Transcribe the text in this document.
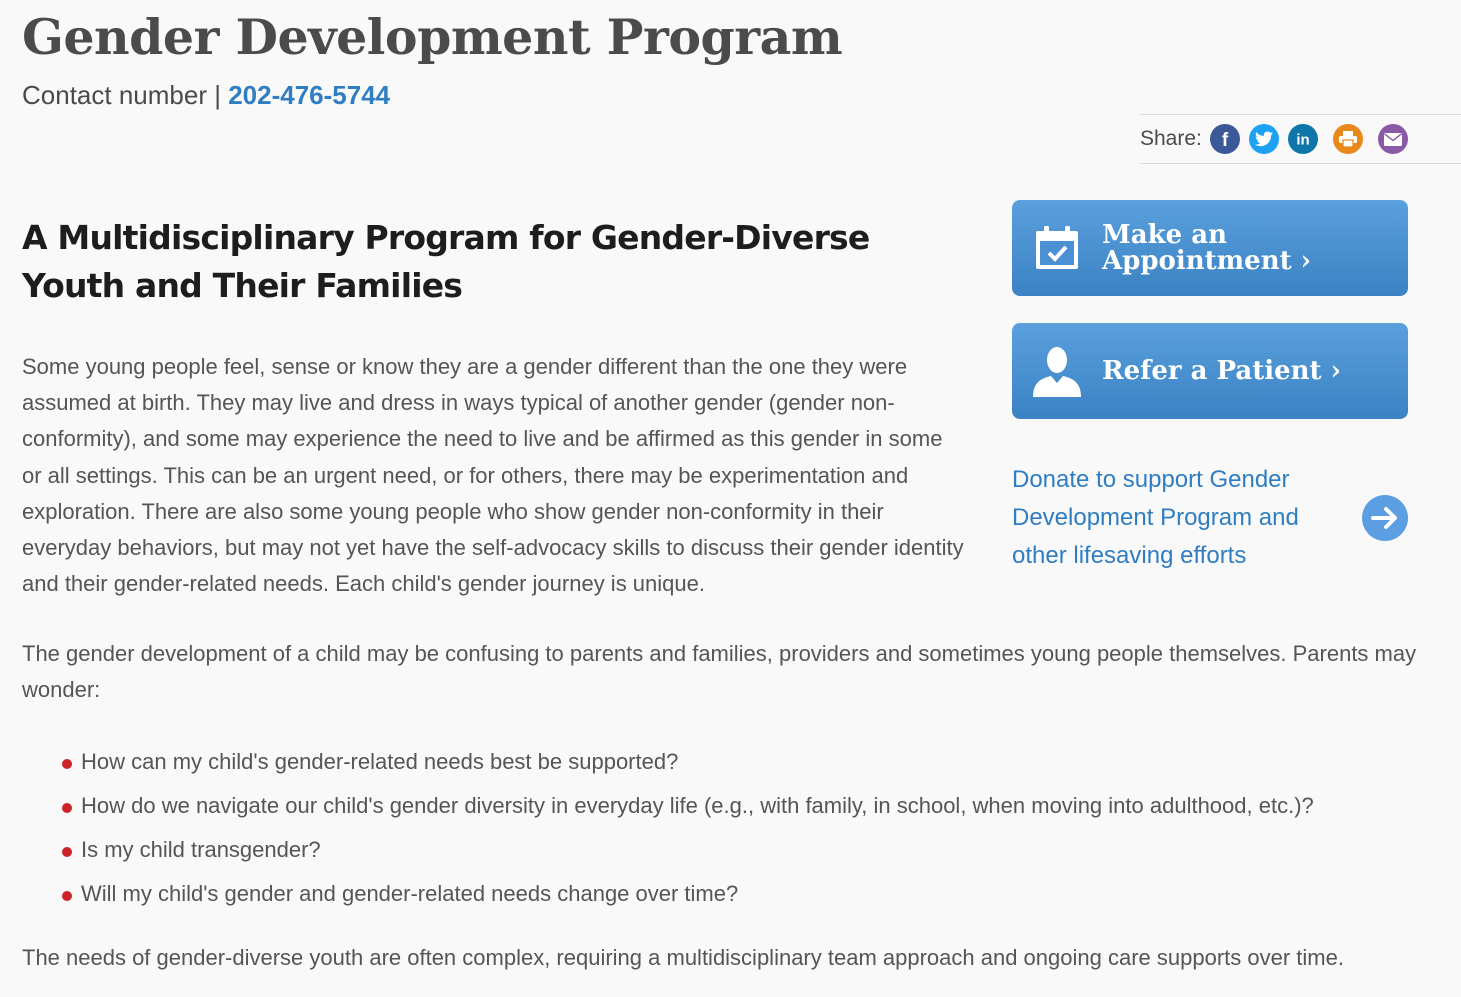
Gender Development Program
Contact number | 202-476-5744
Share: f	in
A Multidisciplinary Program for Gender-Diverse Youth and Their Families

Some young people feel, sense or know they are a gender different than the one they were assumed at birth. They may live and dress in ways typical of another gender (gender non-conformity), and some may experience the need to live and be affirmed as this gender in some or all settings. This can be an urgent need, or for others, there may be experimentation and exploration. There are also some young people who show gender non-conformity in their everyday behaviors, but may not yet have the self-advocacy skills to discuss their gender identity and their gender-related needs. Each child's gender journey is unique.

The gender development of a child may be confusing to parents and families, providers and sometimes young people themselves. Parents may wonder:

How can my child's gender-related needs best be supported?
How do we navigate our child's gender diversity in everyday life (e.g., with family, in school, when moving into adulthood, etc.)?
Is my child transgender?
Will my child's gender and gender-related needs change over time?

The needs of gender-diverse youth are often complex, requiring a multidisciplinary team approach and ongoing care supports over time.

Make an
Appointment ›
Refer a Patient ›
Donate to support Gender Development Program and other lifesaving efforts
